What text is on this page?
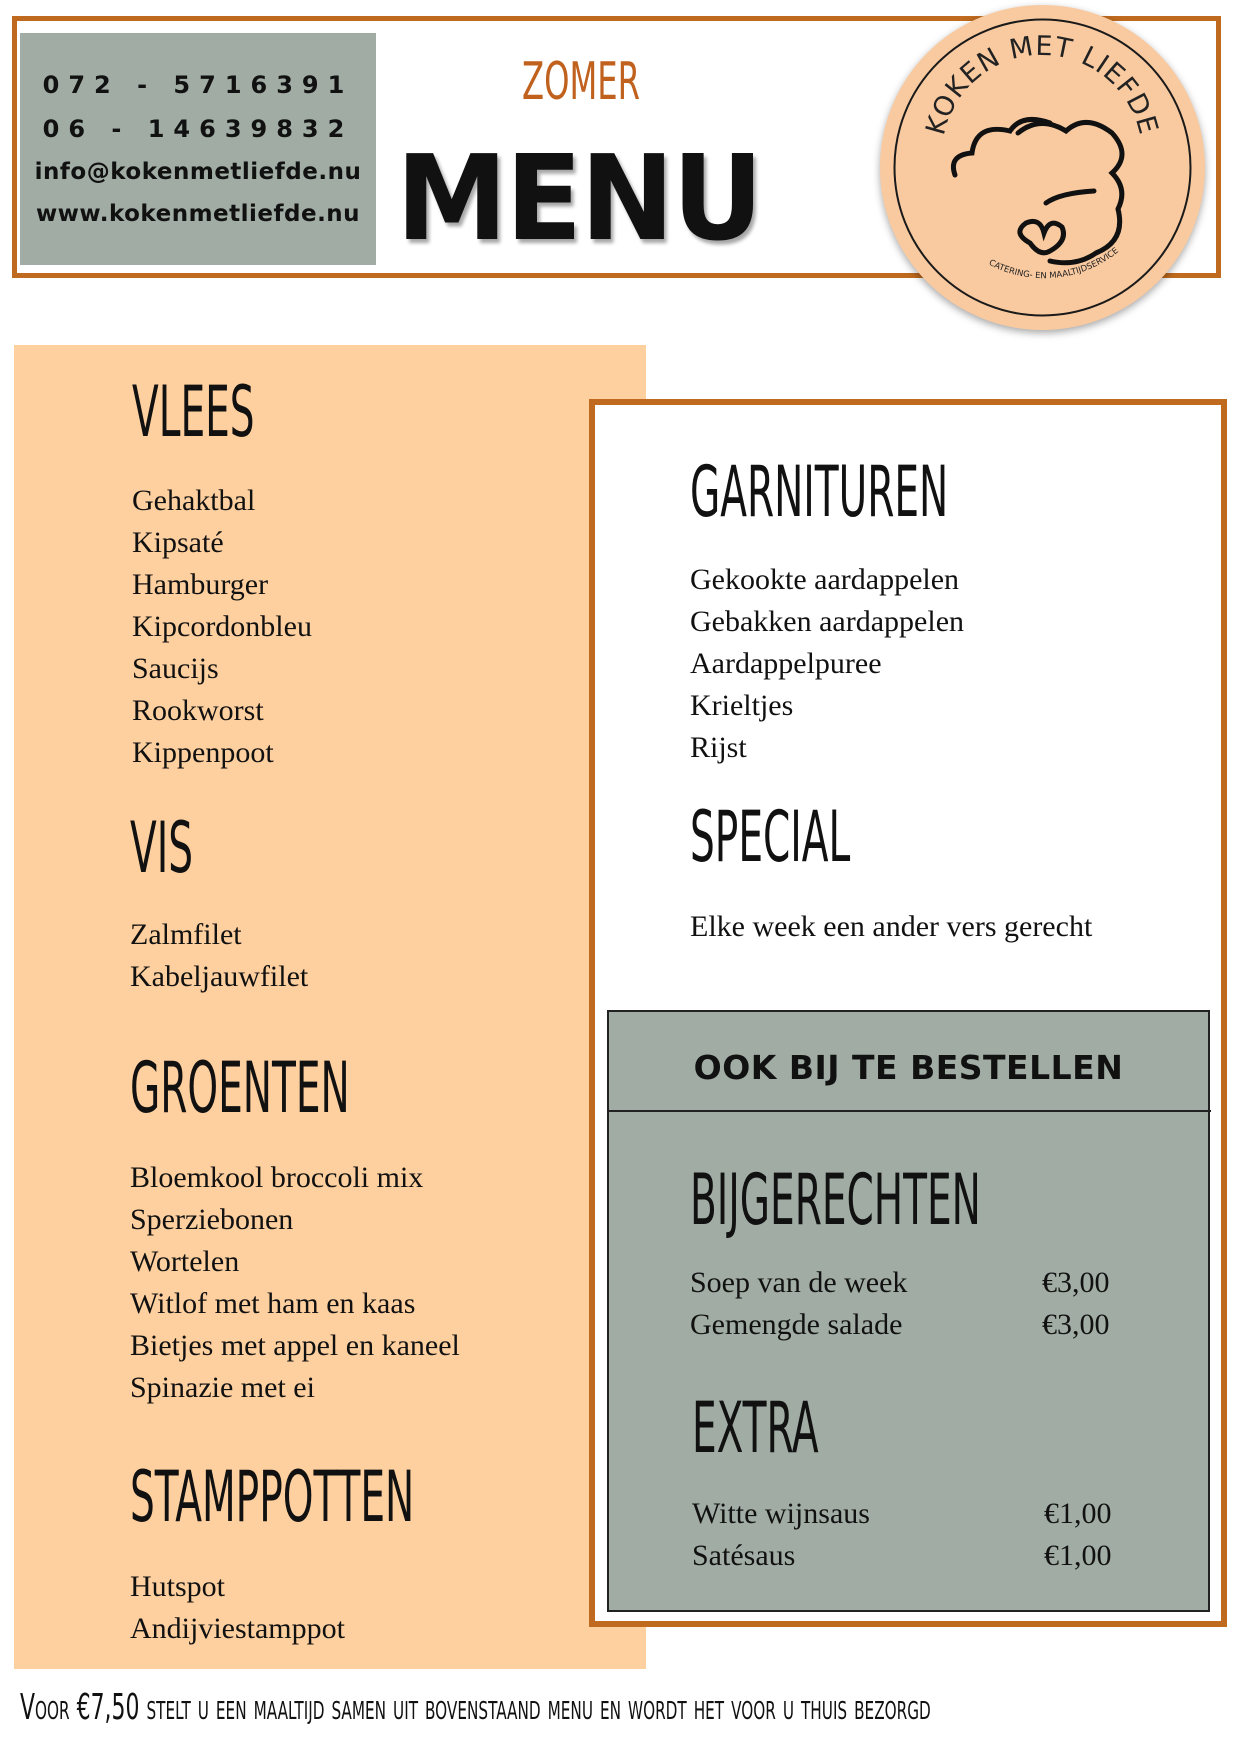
072 - 5716391
06 - 14639832
info@kokenmetliefde.nu
www.kokenmetliefde.nu
ZOMER
MENU
KOKEN MET LIEFDE
CATERING- EN MAALTIJDSERVICE
VLEES
Gehaktbal
Kipsaté
Hamburger
Kipcordonbleu
Saucijs
Rookworst
Kippenpoot
VIS
Zalmfilet
Kabeljauwfilet
GROENTEN
Bloemkool broccoli mix
Sperziebonen
Wortelen
Witlof met ham en kaas
Bietjes met appel en kaneel
Spinazie met ei
STAMPPOTTEN
Hutspot
Andijviestamppot
GARNITUREN
Gekookte aardappelen
Gebakken aardappelen
Aardappelpuree
Krieltjes
Rijst
SPECIAL
Elke week een ander vers gerecht
OOK BIJ TE BESTELLEN
BIJGERECHTEN
Soep van de week	€3,00
Gemengde salade	€3,00
EXTRA
Witte wijnsaus	€1,00
Satésaus	€1,00
Voor €7,50 stelt u een maaltijd samen uit bovenstaand menu en wordt het voor u thuis bezorgd
